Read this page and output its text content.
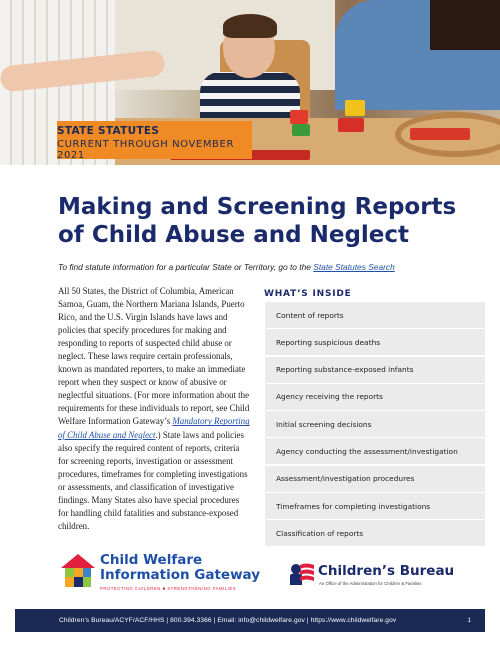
STATE STATUTES
CURRENT THROUGH NOVEMBER 2021
Making and Screening Reports of Child Abuse and Neglect

To find statute information for a particular State or Territory, go to the State Statutes Search

All 50 States, the District of Columbia, American Samoa, Guam, the Northern Mariana Islands, Puerto Rico, and the U.S. Virgin Islands have laws and policies that specify procedures for making and responding to reports of suspected child abuse or neglect. These laws require certain professionals, known as mandated reporters, to make an immediate report when they suspect or know of abusive or neglectful situations. (For more information about the requirements for these individuals to report, see Child Welfare Information Gateway’s Mandatory Reporting of Child Abuse and Neglect.) State laws and policies also specify the required content of reports, criteria for screening reports, investigation or assessment procedures, timeframes for completing investigations or assessments, and classification of investigative findings. Many States also have special procedures for handling child fatalities and substance-exposed children.

WHAT’S INSIDE
Content of reports
Reporting suspicious deaths
Reporting substance-exposed infants
Agency receiving the reports
Initial screening decisions
Agency conducting the assessment/investigation
Assessment/investigation procedures
Timeframes for completing investigations
Classification of reports
Child Welfare
Information Gateway
PROTECTING CHILDREN ■ STRENGTHENING FAMILIES
Children’s Bureau
An Office of the Administration for Children & Families
Children’s Bureau/ACYF/ACF/HHS | 800.394.3366 | Email: info@childwelfare.gov | https://www.childwelfare.gov	1
